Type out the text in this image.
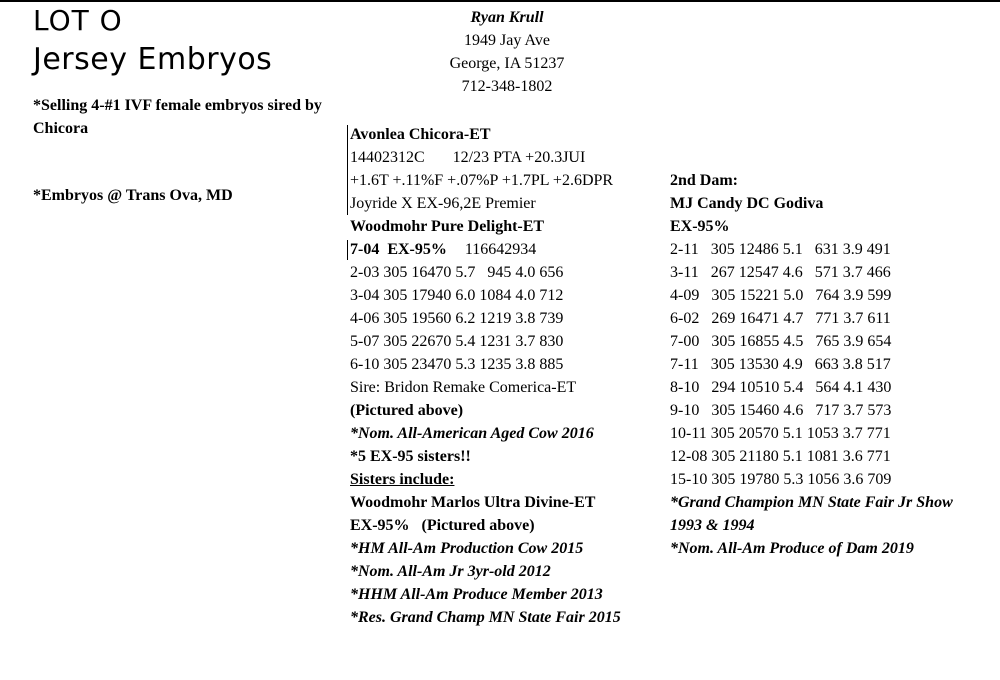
LOT O
Jersey Embryos
*Selling 4-#1 IVF female embryos sired by Chicora
*Embryos @ Trans Ova, MD
Ryan Krull
1949 Jay Ave
George, IA 51237
712-348-1802
Avonlea Chicora-ET
14402312C       12/23 PTA +20.3JUI
+1.6T +.11%F +.07%P +1.7PL +2.6DPR
Joyride X EX-96,2E Premier
Woodmohr Pure Delight-ET
7-04  EX-95% 116642934
2-03 305 16470 5.7   945 4.0 656
3-04 305 17940 6.0 1084 4.0 712
4-06 305 19560 6.2 1219 3.8 739
5-07 305 22670 5.4 1231 3.7 830
6-10 305 23470 5.3 1235 3.8 885
Sire: Bridon Remake Comerica-ET
(Pictured above)
*Nom. All-American Aged Cow 2016
*5 EX-95 sisters!!
Sisters include:
Woodmohr Marlos Ultra Divine-ET
EX-95%   (Pictured above)
*HM All-Am Production Cow 2015
*Nom. All-Am Jr 3yr-old 2012
*HHM All-Am Produce Member 2013
*Res. Grand Champ MN State Fair 2015
2nd Dam:
MJ Candy DC Godiva
EX-95%
2-11   305 12486 5.1   631 3.9 491
3-11   267 12547 4.6   571 3.7 466
4-09   305 15221 5.0   764 3.9 599
6-02   269 16471 4.7   771 3.7 611
7-00   305 16855 4.5   765 3.9 654
7-11   305 13530 4.9   663 3.8 517
8-10   294 10510 5.4   564 4.1 430
9-10   305 15460 4.6   717 3.7 573
10-11 305 20570 5.1 1053 3.7 771
12-08 305 21180 5.1 1081 3.6 771
15-10 305 19780 5.3 1056 3.6 709
*Grand Champion MN State Fair Jr Show 1993 & 1994
*Nom. All-Am Produce of Dam 2019
